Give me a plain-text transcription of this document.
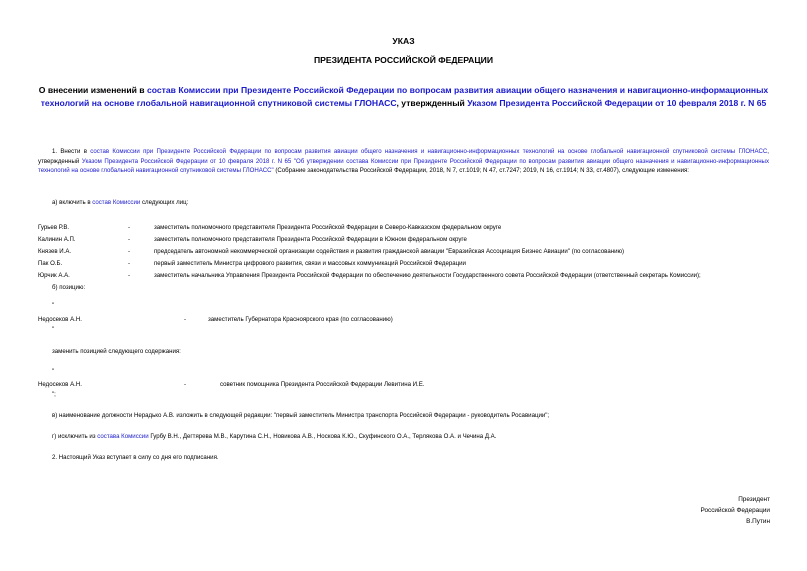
УКАЗ
ПРЕЗИДЕНТА РОССИЙСКОЙ ФЕДЕРАЦИИ
О внесении изменений в состав Комиссии при Президенте Российской Федерации по вопросам развития авиации общего назначения и навигационно-информационных технологий на основе глобальной навигационной спутниковой системы ГЛОНАСС, утвержденный Указом Президента Российской Федерации от 10 февраля 2018 г. N 65
1. Внести в состав Комиссии при Президенте Российской Федерации по вопросам развития авиации общего назначения и навигационно-информационных технологий на основе глобальной навигационной спутниковой системы ГЛОНАСС, утвержденный Указом Президента Российской Федерации от 10 февраля 2018 г. N 65 "Об утверждении состава Комиссии при Президенте Российской Федерации по вопросам развития авиации общего назначения и навигационно-информационных технологий на основе глобальной навигационной спутниковой системы ГЛОНАСС" (Собрание законодательства Российской Федерации, 2018, N 7, ст.1019; N 47, ст.7247; 2019, N 16, ст.1914; N 33, ст.4807), следующие изменения:
а) включить в состав Комиссии следующих лиц:
Гурьев Р.В.	-	заместитель полномочного представителя Президента Российской Федерации в Северо-Кавказском федеральном округе
Калинин А.П.	-	заместитель полномочного представителя Президента Российской Федерации в Южном федеральном округе
Князев И.А.	-	председатель автономной некоммерческой организации содействия и развития гражданской авиации "Евразийская Ассоциация Бизнес Авиации" (по согласованию)
Пак О.Б.	-	первый заместитель Министра цифрового развития, связи и массовых коммуникаций Российской Федерации
Юрчик А.А.	-	заместитель начальника Управления Президента Российской Федерации по обеспечению деятельности Государственного совета Российской Федерации (ответственный секретарь Комиссии);
б) позицию:
"
Недосеков А.Н.	-	заместитель Губернатора Красноярского края (по согласованию)
"
заменить позицией следующего содержания:
"
Недосеков А.Н.	-	советник помощника Президента Российской Федерации Левитина И.Е.
";
в) наименование должности Нерадько А.В. изложить в следующей редакции: "первый заместитель Министра транспорта Российской Федерации - руководитель Росавиации";
г) исключить из состава Комиссии Гурбу В.Н., Дегтярева М.В., Карутина С.Н., Новикова А.В., Носкова К.Ю., Скуфинского О.А., Терлякова О.А. и Чечина Д.А.
2. Настоящий Указ вступает в силу со дня его подписания.
Президент
Российской Федерации
В.Путин
